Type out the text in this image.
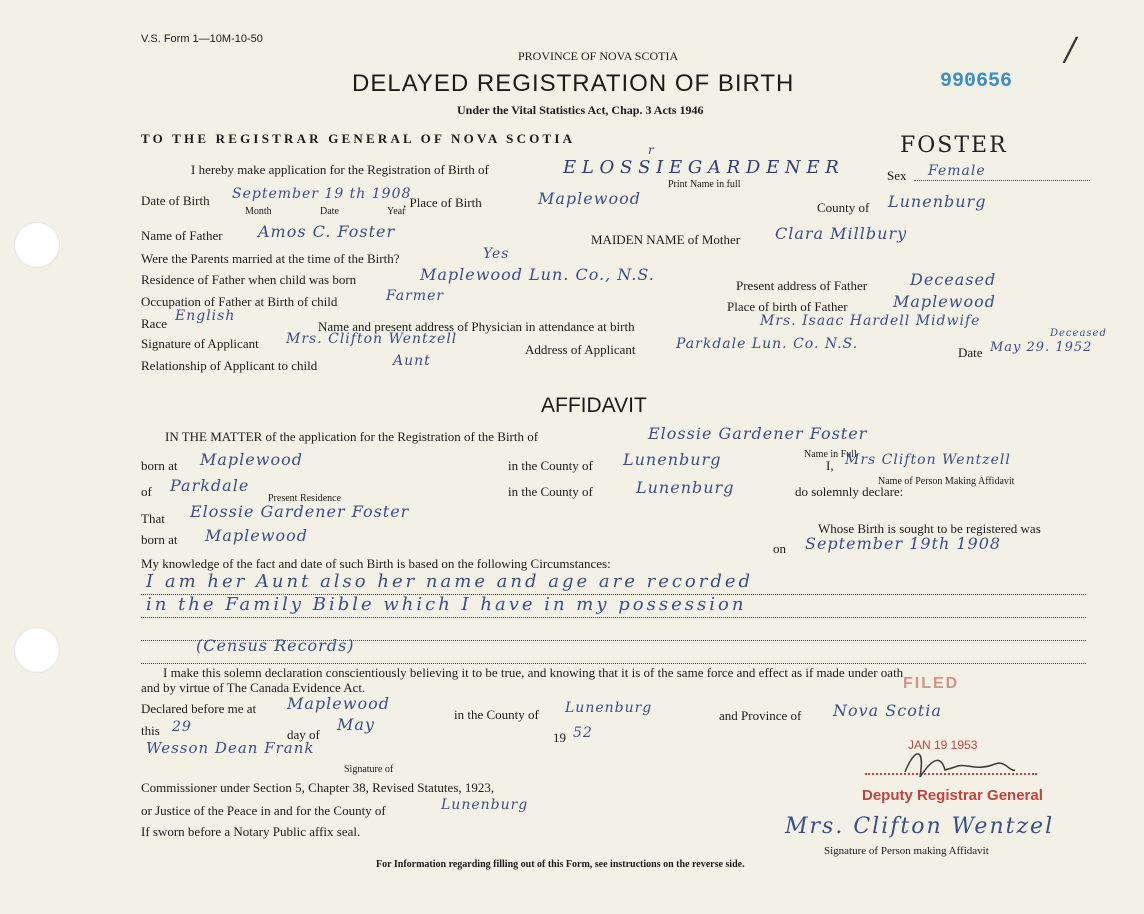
V.S. Form 1—10M-10-50
PROVINCE OF NOVA SCOTIA
DELAYED REGISTRATION OF BIRTH
Under the Vital Statistics Act, Chap. 3 Acts 1946
990656
/
TO THE REGISTRAR GENERAL OF NOVA SCOTIA
I hereby make application for the Registration of Birth of	E L O S S I E G A R D E N E R
r	FOSTER
Print Name in full
Sex Female
Date of Birth September 19 th 1908
Month	Date	Year
, Place of Birth	Maplewood	County of Lunenburg
Name of Father Amos C. Foster	MAIDEN NAME of Mother Clara Millbury
Were the Parents married at the time of the Birth?	Yes
Residence of Father when child was born	Maplewood Lun. Co., N.S.
Present address of Father	Deceased
Occupation of Father at Birth of child	Farmer
Place of birth of Father	Maplewood
Race English
Name and present address of Physician in attendance at birth	Mrs. Isaac Hardell Midwife
Deceased
Signature of Applicant Mrs. Clifton Wentzell
Address of Applicant	Parkdale Lun. Co. N.S.
Date May 29. 1952
Relationship of Applicant to child	Aunt
AFFIDAVIT
IN THE MATTER of the application for the Registration of the Birth of	Elossie Gardener Foster
Name in Full
born at Maplewood	in the County of Lunenburg	I, Mrs Clifton Wentzell
Name of Person Making Affidavit
of Parkdale
Present Residence	in the County of	Lunenburg	do solemnly declare:
That Elossie Gardener Foster
Whose Birth is sought to be registered was
born at Maplewood
on September 19th 1908
My knowledge of the fact and date of such Birth is based on the following Circumstances:
I am her Aunt also her name and age are recorded
in the Family Bible which I have in my possession
(Census Records)
I make this solemn declaration conscientiously believing it to be true, and knowing that it is of the same force and effect as if made under oath
and by virtue of The Canada Evidence Act.
Declared before me at Maplewood
in the County of Lunenburg	and Province of Nova Scotia
this 29	day of
May
19 52
Wesson Dean Frank
Signature of
Commissioner under Section 5, Chapter 38, Revised Statutes, 1923,
or Justice of the Peace in and for the County of	Lunenburg
If sworn before a Notary Public affix seal.	Mrs. Clifton Wentzel
Signature of Person making Affidavit
For Information regarding filling out of this Form, see instructions on the reverse side.
FILED
JAN 19 1953
Deputy Registrar General
